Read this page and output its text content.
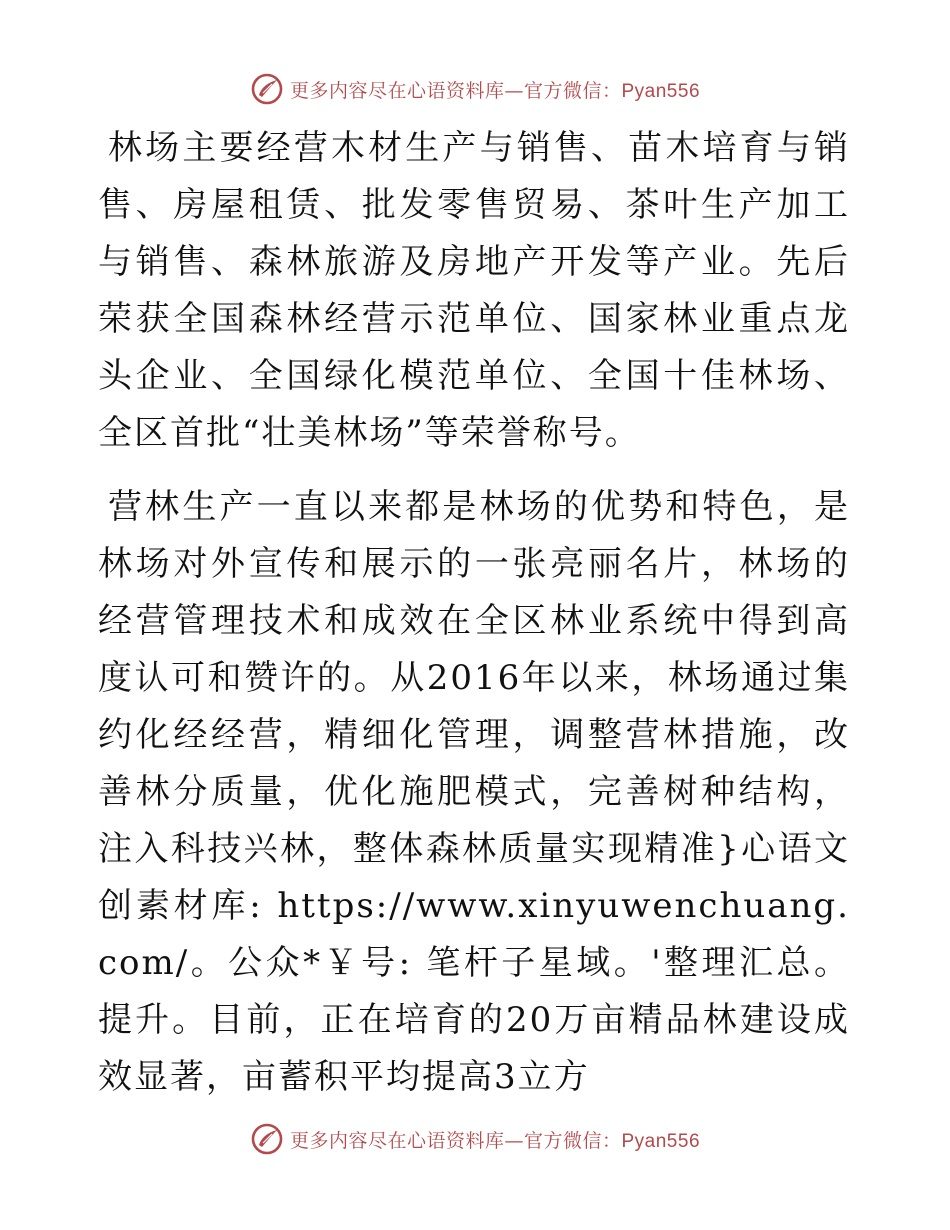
更多内容尽在心语资料库—官方微信：Pyan556

林场主要经营木材生产与销售、苗木培育与销售、房屋租赁、批发零售贸易、茶叶生产加工与销售、森林旅游及房地产开发等产业。先后荣获全国森林经营示范单位、国家林业重点龙头企业、全国绿化模范单位、全国十佳林场、全区首批“壮美林场”等荣誉称号。

营林生产一直以来都是林场的优势和特色，是林场对外宣传和展示的一张亮丽名片，林场的经营管理技术和成效在全区林业系统中得到高度认可和赞许的。从2016年以来，林场通过集约化经经营，精细化管理，调整营林措施，改善林分质量，优化施肥模式，完善树种结构，注入科技兴林，整体森林质量实现精准}心语文创素材库: https://www.xinyuwenchuang.com/。公众*￥号: 笔杆子星域。'整理汇总。提升。目前，正在培育的20万亩精品林建设成效显著，亩蓄积平均提高3立方

更多内容尽在心语资料库—官方微信：Pyan556
